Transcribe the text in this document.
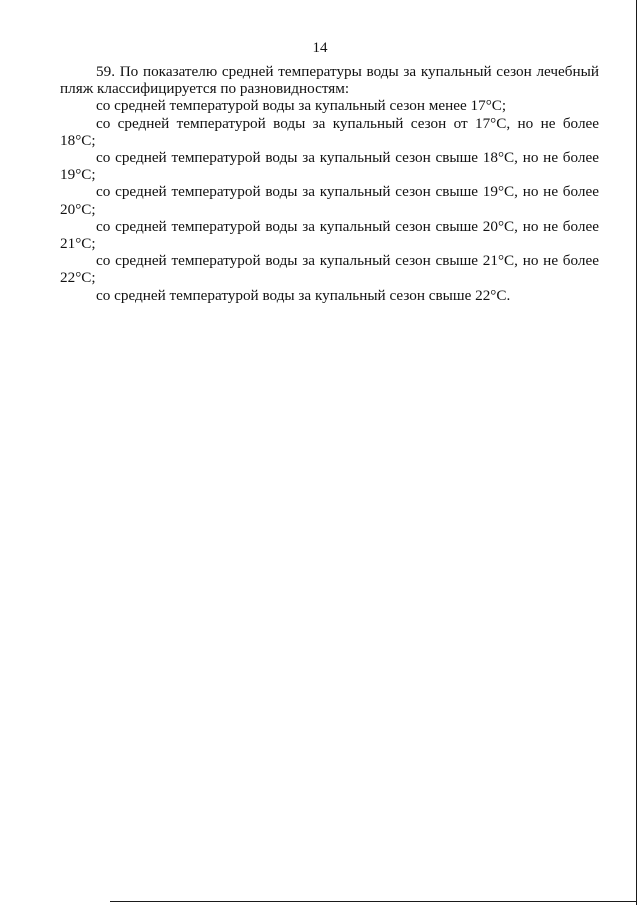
14

59. По показателю средней температуры воды за купальный сезон лечебный пляж классифицируется по разновидностям:

со средней температурой воды за купальный сезон менее 17°С;

со средней температурой воды за купальный сезон от 17°С, но не более 18°С;

со средней температурой воды за купальный сезон свыше 18°С, но не более 19°С;

со средней температурой воды за купальный сезон свыше 19°С, но не более 20°С;

со средней температурой воды за купальный сезон свыше 20°С, но не более 21°С;

со средней температурой воды за купальный сезон свыше 21°С, но не более 22°С;

со средней температурой воды за купальный сезон свыше 22°С.
